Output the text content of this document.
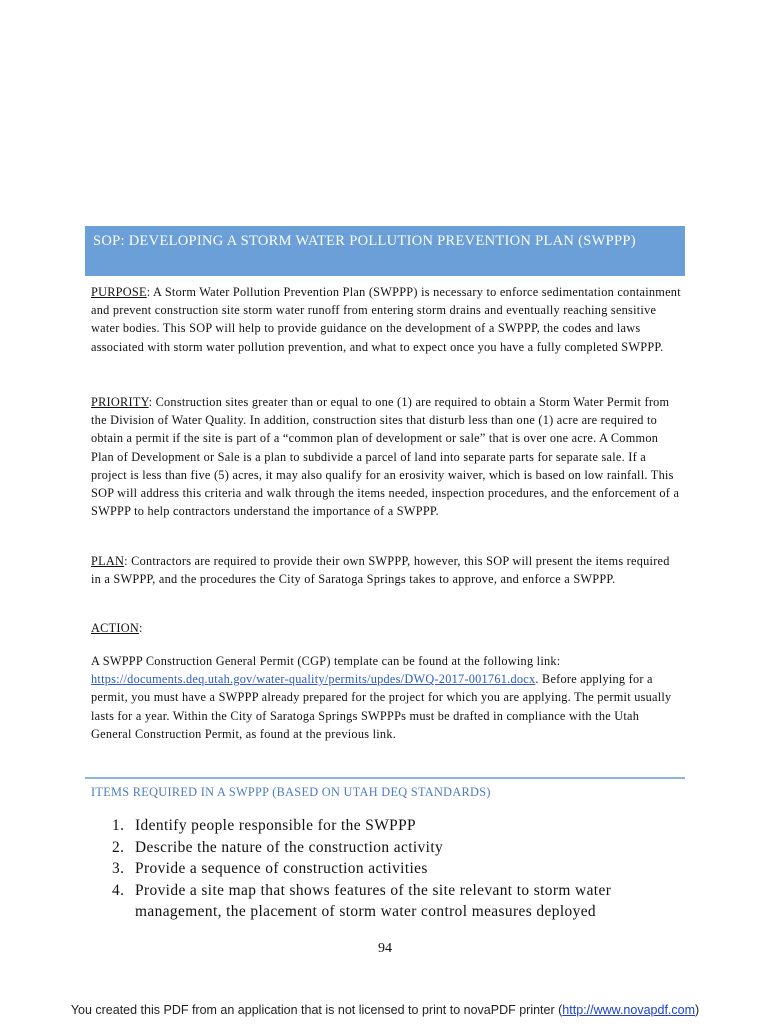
SOP: DEVELOPING A STORM WATER POLLUTION PREVENTION PLAN (SWPPP)

PURPOSE: A Storm Water Pollution Prevention Plan (SWPPP) is necessary to enforce sedimentation containment and prevent construction site storm water runoff from entering storm drains and eventually reaching sensitive water bodies. This SOP will help to provide guidance on the development of a SWPPP, the codes and laws associated with storm water pollution prevention, and what to expect once you have a fully completed SWPPP.

PRIORITY: Construction sites greater than or equal to one (1) are required to obtain a Storm Water Permit from the Division of Water Quality. In addition, construction sites that disturb less than one (1) acre are required to obtain a permit if the site is part of a “common plan of development or sale” that is over one acre. A Common Plan of Development or Sale is a plan to subdivide a parcel of land into separate parts for separate sale. If a project is less than five (5) acres, it may also qualify for an erosivity waiver, which is based on low rainfall. This SOP will address this criteria and walk through the items needed, inspection procedures, and the enforcement of a SWPPP to help contractors understand the importance of a SWPPP.

PLAN: Contractors are required to provide their own SWPPP, however, this SOP will present the items required in a SWPPP, and the procedures the City of Saratoga Springs takes to approve, and enforce a SWPPP.

ACTION:

A SWPPP Construction General Permit (CGP) template can be found at the following link: https://documents.deq.utah.gov/water-quality/permits/updes/DWQ-2017-001761.docx. Before applying for a permit, you must have a SWPPP already prepared for the project for which you are applying. The permit usually lasts for a year. Within the City of Saratoga Springs SWPPPs must be drafted in compliance with the Utah General Construction Permit, as found at the previous link.

ITEMS REQUIRED IN A SWPPP (BASED ON UTAH DEQ STANDARDS)
1. Identify people responsible for the SWPPP
2. Describe the nature of the construction activity
3. Provide a sequence of construction activities
4. Provide a site map that shows features of the site relevant to storm water management, the placement of storm water control measures deployed
94
You created this PDF from an application that is not licensed to print to novaPDF printer (http://www.novapdf.com)
